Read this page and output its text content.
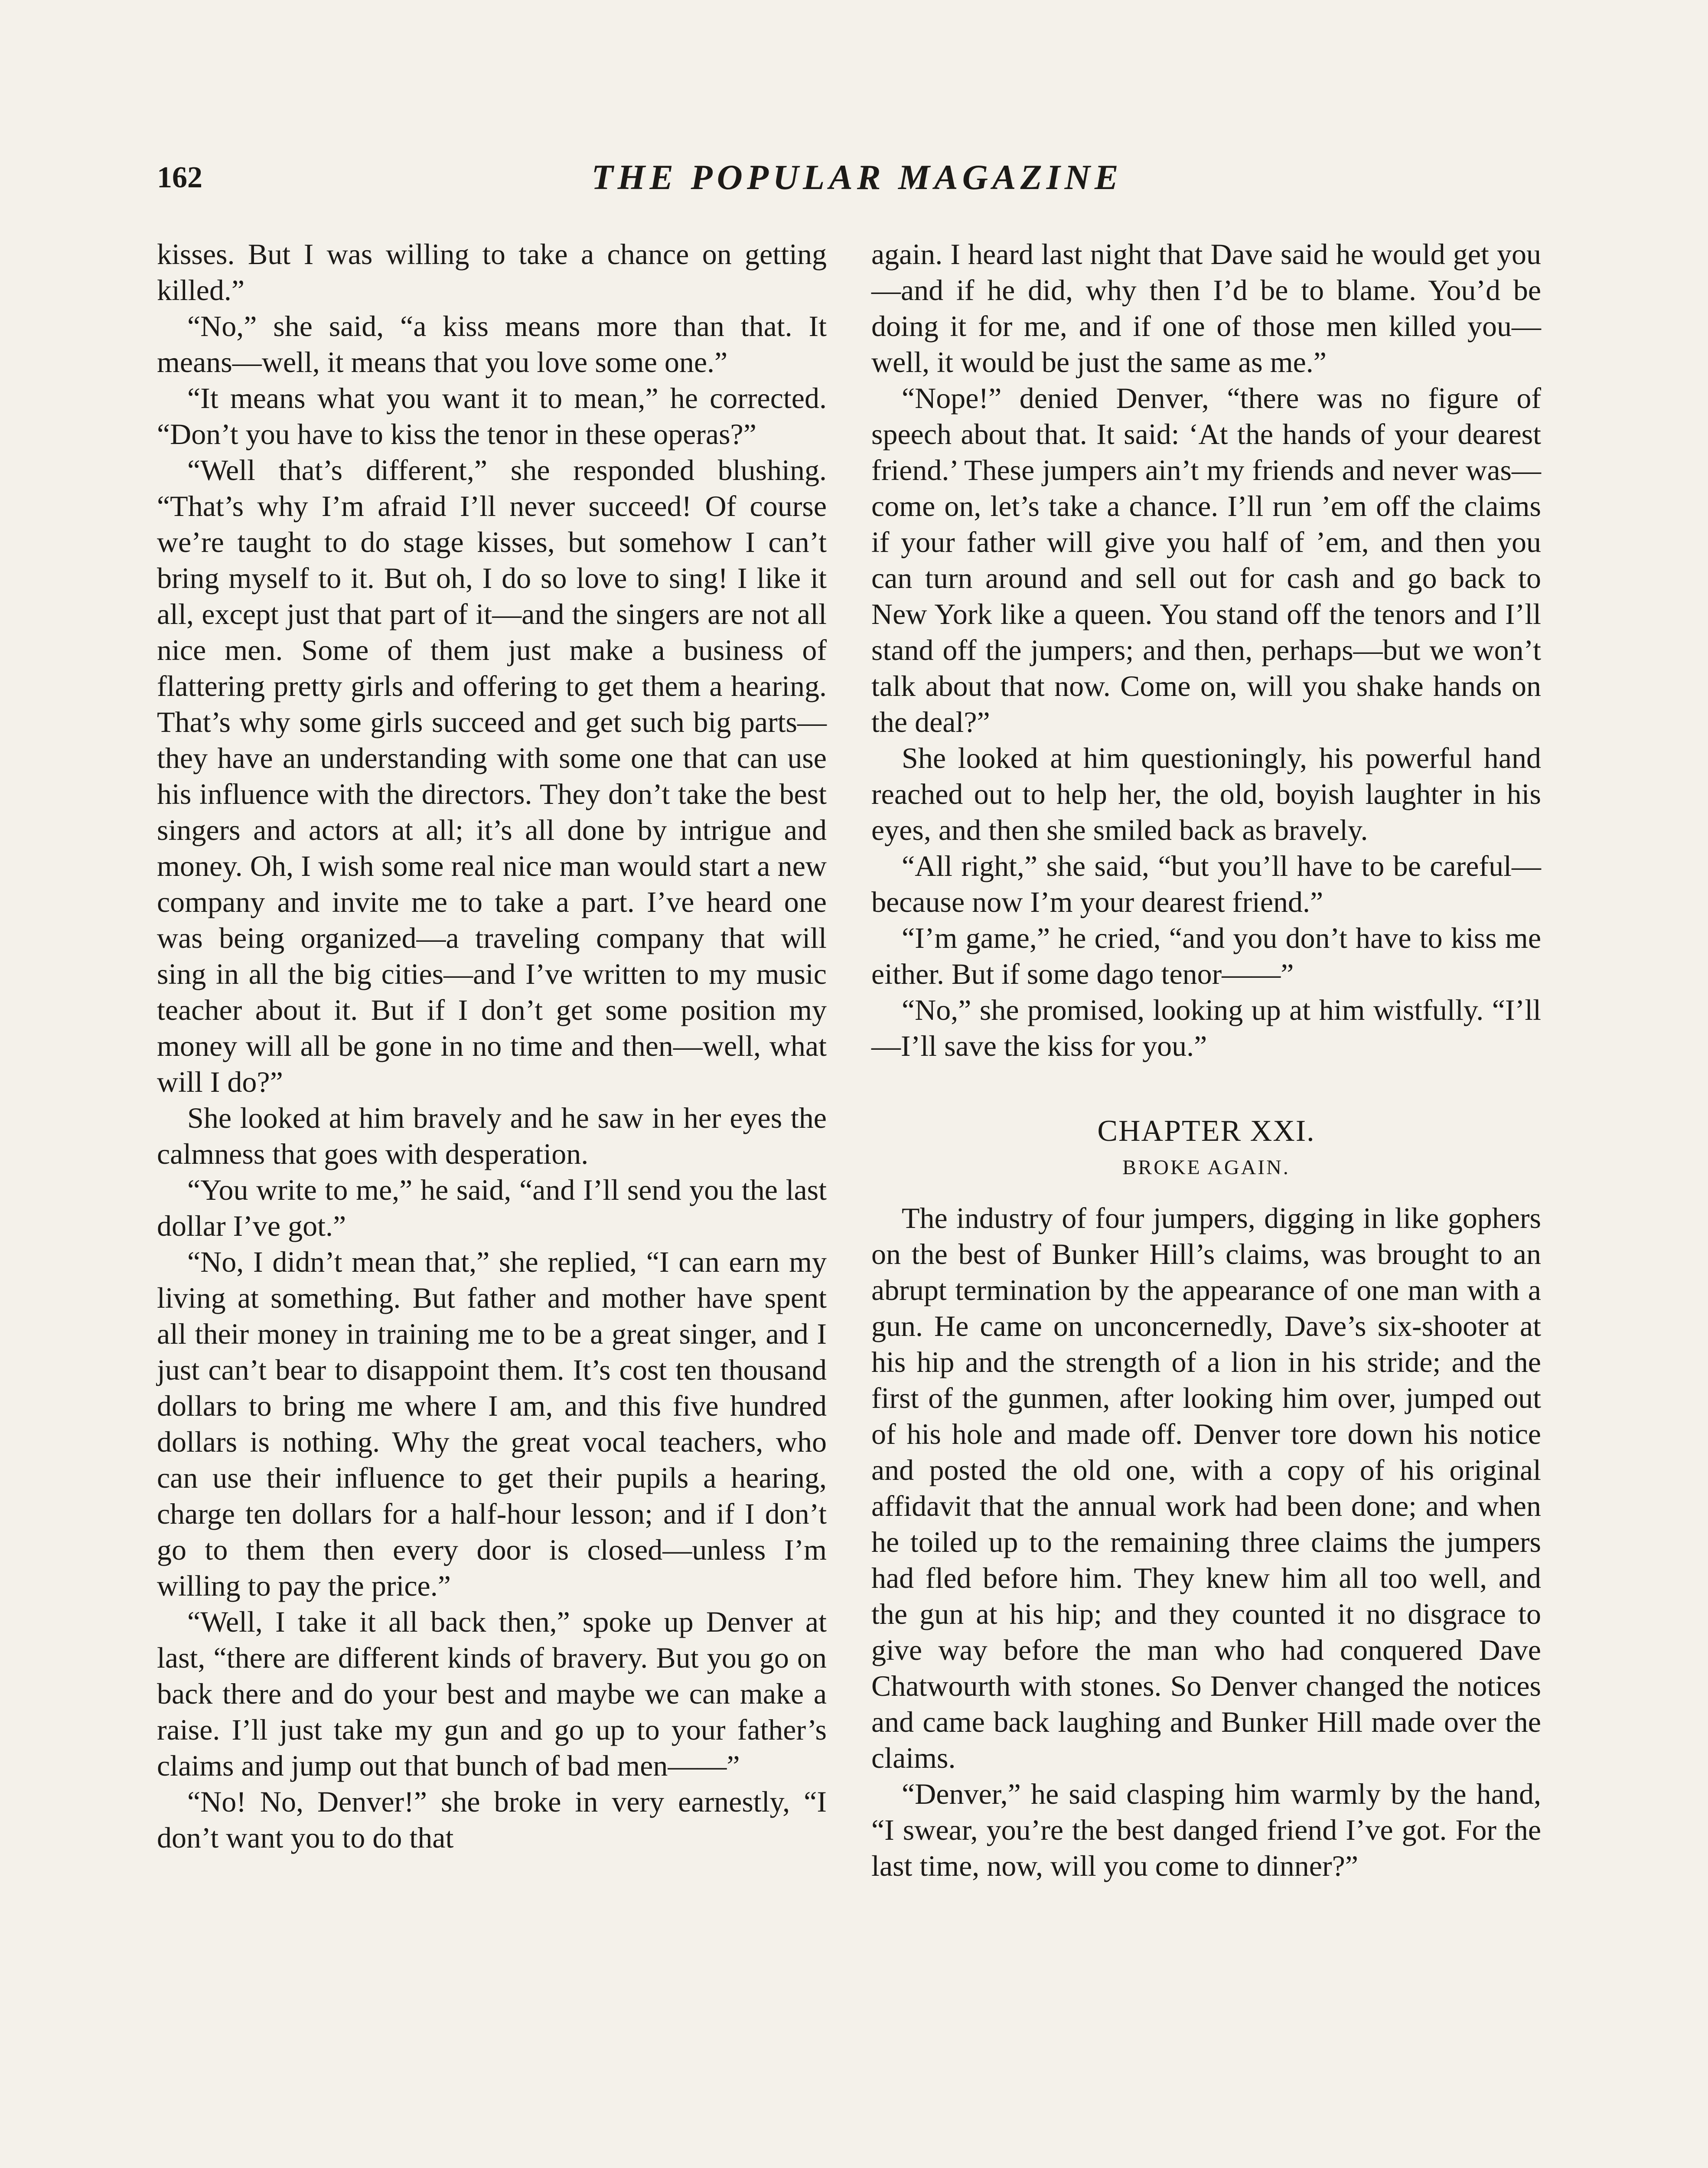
162	THE POPULAR MAGAZINE

kisses. But I was willing to take a chance on getting killed.”

“No,” she said, “a kiss means more than that. It means—well, it means that you love some one.”

“It means what you want it to mean,” he corrected. “Don’t you have to kiss the tenor in these operas?”

“Well that’s different,” she responded blushing. “That’s why I’m afraid I’ll never succeed! Of course we’re taught to do stage kisses, but somehow I can’t bring myself to it. But oh, I do so love to sing! I like it all, except just that part of it—and the singers are not all nice men. Some of them just make a business of flattering pretty girls and offering to get them a hearing. That’s why some girls succeed and get such big parts—they have an understanding with some one that can use his influence with the directors. They don’t take the best singers and actors at all; it’s all done by intrigue and money. Oh, I wish some real nice man would start a new company and invite me to take a part. I’ve heard one was being organized—a traveling company that will sing in all the big cities—and I’ve written to my music teacher about it. But if I don’t get some position my money will all be gone in no time and then—well, what will I do?”

She looked at him bravely and he saw in her eyes the calmness that goes with desperation.

“You write to me,” he said, “and I’ll send you the last dollar I’ve got.”

“No, I didn’t mean that,” she replied, “I can earn my living at something. But father and mother have spent all their money in training me to be a great singer, and I just can’t bear to disappoint them. It’s cost ten thousand dollars to bring me where I am, and this five hundred dollars is nothing. Why the great vocal teachers, who can use their influence to get their pupils a hearing, charge ten dollars for a half-hour lesson; and if I don’t go to them then every door is closed—unless I’m willing to pay the price.”

“Well, I take it all back then,” spoke up Denver at last, “there are different kinds of bravery. But you go on back there and do your best and maybe we can make a raise. I’ll just take my gun and go up to your father’s claims and jump out that bunch of bad men——”

“No! No, Denver!” she broke in very earnestly, “I don’t want you to do that

again. I heard last night that Dave said he would get you—and if he did, why then I’d be to blame. You’d be doing it for me, and if one of those men killed you—well, it would be just the same as me.”

“Nope!” denied Denver, “there was no figure of speech about that. It said: ‘At the hands of your dearest friend.’ These jumpers ain’t my friends and never was—come on, let’s take a chance. I’ll run ’em off the claims if your father will give you half of ’em, and then you can turn around and sell out for cash and go back to New York like a queen. You stand off the tenors and I’ll stand off the jumpers; and then, perhaps—but we won’t talk about that now. Come on, will you shake hands on the deal?”

She looked at him questioningly, his powerful hand reached out to help her, the old, boyish laughter in his eyes, and then she smiled back as bravely.

“All right,” she said, “but you’ll have to be careful—because now I’m your dearest friend.”

“I’m game,” he cried, “and you don’t have to kiss me either. But if some dago tenor——”

“No,” she promised, looking up at him wistfully. “I’ll—I’ll save the kiss for you.”

CHAPTER XXI.
BROKE AGAIN.

The industry of four jumpers, digging in like gophers on the best of Bunker Hill’s claims, was brought to an abrupt termination by the appearance of one man with a gun. He came on unconcernedly, Dave’s six-shooter at his hip and the strength of a lion in his stride; and the first of the gunmen, after looking him over, jumped out of his hole and made off. Denver tore down his notice and posted the old one, with a copy of his original affidavit that the annual work had been done; and when he toiled up to the remaining three claims the jumpers had fled before him. They knew him all too well, and the gun at his hip; and they counted it no disgrace to give way before the man who had conquered Dave Chatwourth with stones. So Denver changed the notices and came back laughing and Bunker Hill made over the claims.

“Denver,” he said clasping him warmly by the hand, “I swear, you’re the best danged friend I’ve got. For the last time, now, will you come to dinner?”
